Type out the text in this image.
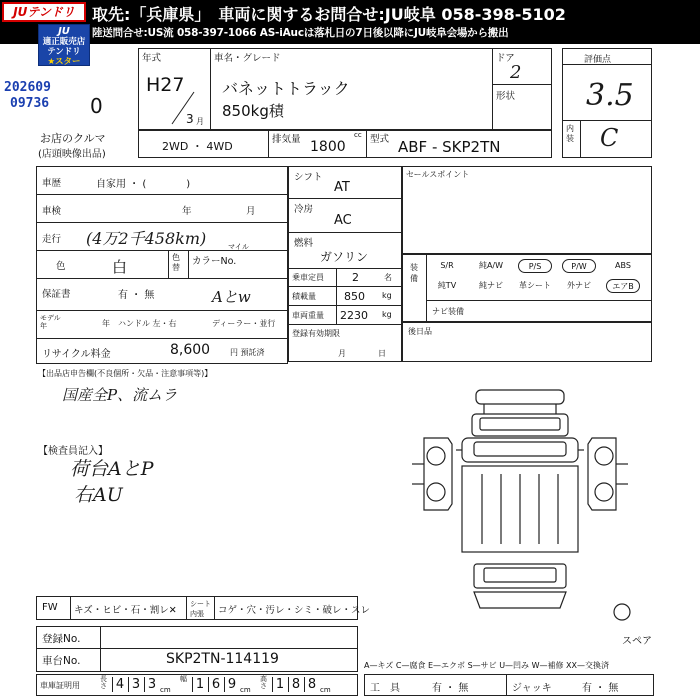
JUテンドリ	取先:「兵庫県」　車両に関するお問合せ:JU岐阜 058-398-5102
陸送問合せ:US流 058-397-1066 AS-iAucは落札日の7日後以降にJU岐阜会場から搬出
JU
適正販売店
テンドリ
★スター
202609
09736 0
年式
H27
3 月
車名・グレード
バネットトラック
850kg積
ドア
2
形状
お店のクルマ
(店頭映像出品)
2WD ・ 4WD
排気量	cc
1800	型式 ABF - SKP2TN
評価点
3.5
内装 C
車歴	自家用 ・ (　　　　)
車検	年	月
走行 (4万2千458km)	マイル
色	白
色替
カラーNo.
保証書	有 ・ 無	Aとw
モデル年	年 ハンドル 左・右	ディーラー・並行
リサイクル料金	8,600 円 預託済
【出品店申告欄(不良個所・欠品・注意事項等)】
国産全P、流ムラ
【検査員記入】
荷台AとP
右AU
シフト
AT
冷房
AC
燃料
ガソリン
乗車定員	2	名
積載量	850 kg
車両重量 2230 kg
登録有効期限
月	日
セールスポイント
装備
S/R	純A/W	P/S	P/W	ABS
純TV	純ナビ	革シート	外ナビ	エアB
ナビ装備
後日品
スペア
FW キズ・ヒビ・石・割レ✕
シート
内張 コゲ・穴・汚レ・シミ・破レ・スレ
登録No.
車台No.	SKP2TN-114119
車庫証明用
長さ 4 3 3 cm
幅 1 6 9 cm
高さ 1 8 8 cm
A—キズ C—腐食 E—エクボ S—サビ U—凹み W—補修 XX—交換済
工　具	有 ・ 無	ジャッキ	有 ・ 無
